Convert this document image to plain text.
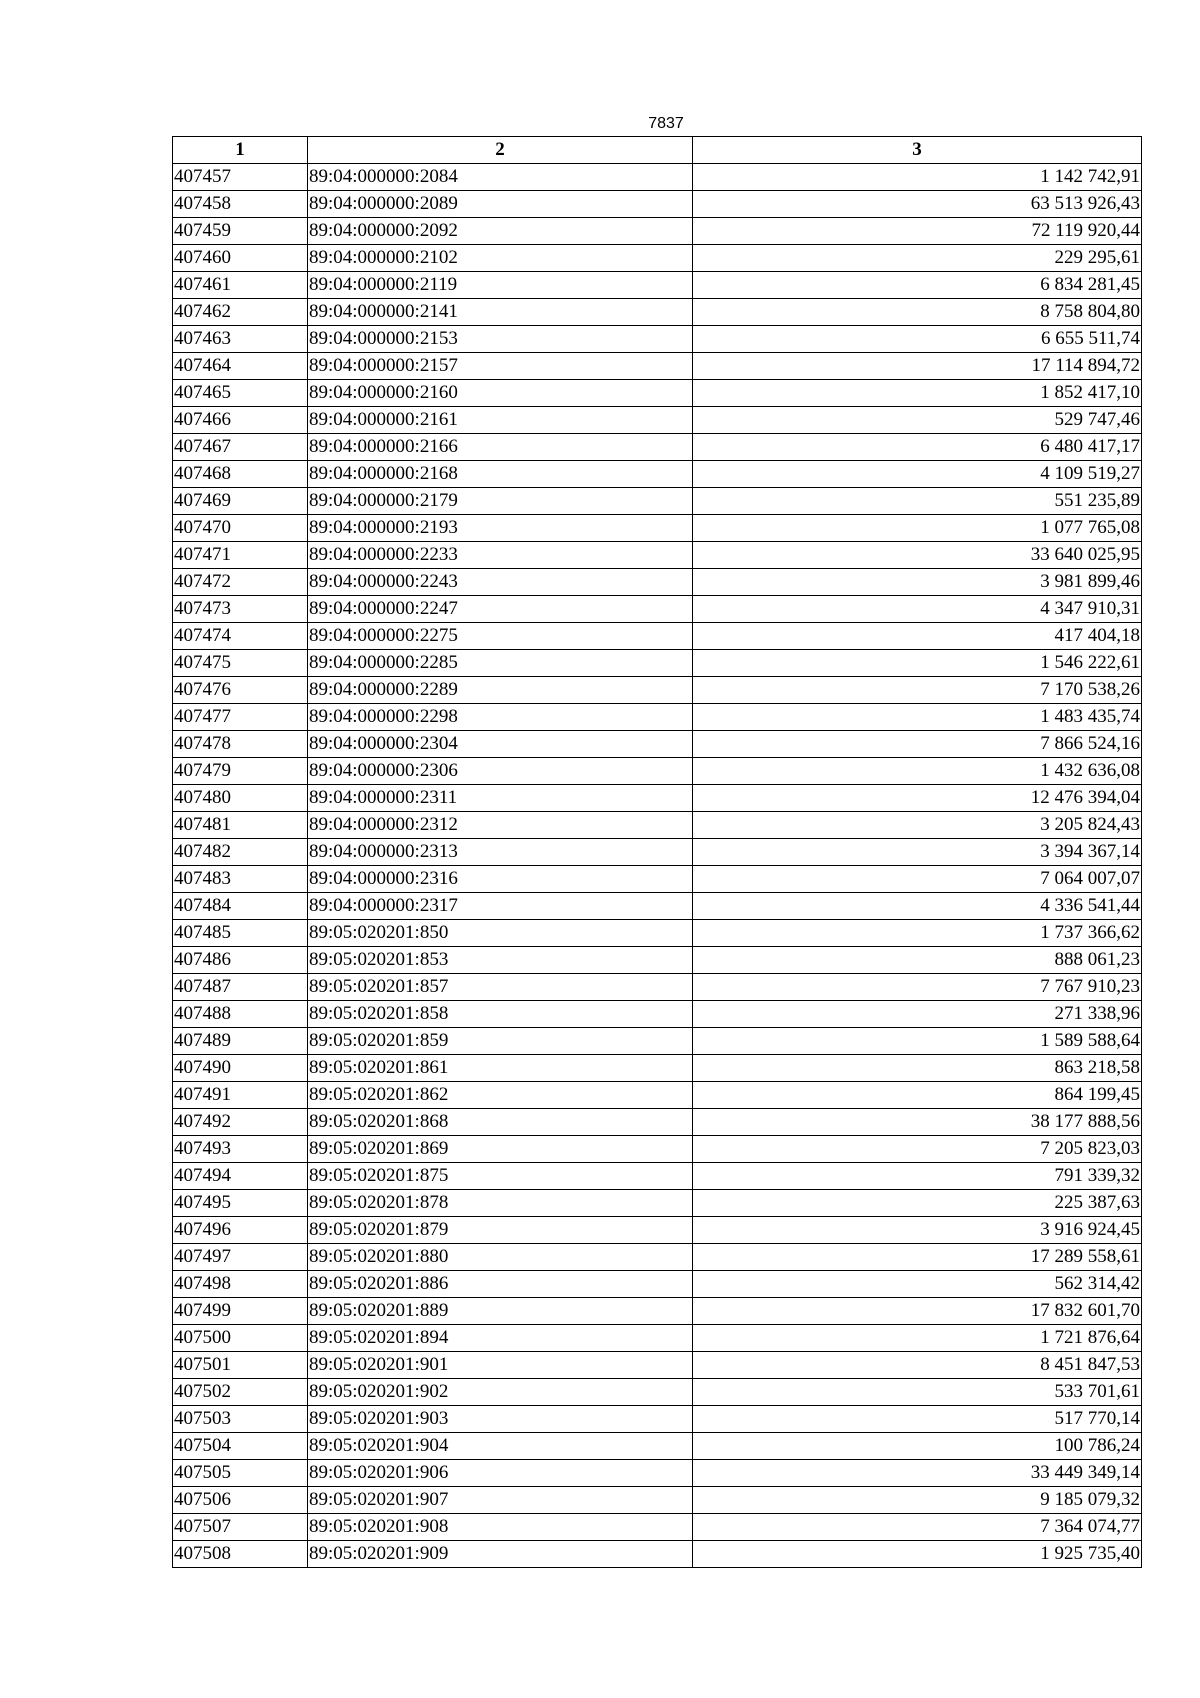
7837
1	2	3
407457	89:04:000000:2084	1 142 742,91
407458	89:04:000000:2089	63 513 926,43
407459	89:04:000000:2092	72 119 920,44
407460	89:04:000000:2102	229 295,61
407461	89:04:000000:2119	6 834 281,45
407462	89:04:000000:2141	8 758 804,80
407463	89:04:000000:2153	6 655 511,74
407464	89:04:000000:2157	17 114 894,72
407465	89:04:000000:2160	1 852 417,10
407466	89:04:000000:2161	529 747,46
407467	89:04:000000:2166	6 480 417,17
407468	89:04:000000:2168	4 109 519,27
407469	89:04:000000:2179	551 235,89
407470	89:04:000000:2193	1 077 765,08
407471	89:04:000000:2233	33 640 025,95
407472	89:04:000000:2243	3 981 899,46
407473	89:04:000000:2247	4 347 910,31
407474	89:04:000000:2275	417 404,18
407475	89:04:000000:2285	1 546 222,61
407476	89:04:000000:2289	7 170 538,26
407477	89:04:000000:2298	1 483 435,74
407478	89:04:000000:2304	7 866 524,16
407479	89:04:000000:2306	1 432 636,08
407480	89:04:000000:2311	12 476 394,04
407481	89:04:000000:2312	3 205 824,43
407482	89:04:000000:2313	3 394 367,14
407483	89:04:000000:2316	7 064 007,07
407484	89:04:000000:2317	4 336 541,44
407485	89:05:020201:850	1 737 366,62
407486	89:05:020201:853	888 061,23
407487	89:05:020201:857	7 767 910,23
407488	89:05:020201:858	271 338,96
407489	89:05:020201:859	1 589 588,64
407490	89:05:020201:861	863 218,58
407491	89:05:020201:862	864 199,45
407492	89:05:020201:868	38 177 888,56
407493	89:05:020201:869	7 205 823,03
407494	89:05:020201:875	791 339,32
407495	89:05:020201:878	225 387,63
407496	89:05:020201:879	3 916 924,45
407497	89:05:020201:880	17 289 558,61
407498	89:05:020201:886	562 314,42
407499	89:05:020201:889	17 832 601,70
407500	89:05:020201:894	1 721 876,64
407501	89:05:020201:901	8 451 847,53
407502	89:05:020201:902	533 701,61
407503	89:05:020201:903	517 770,14
407504	89:05:020201:904	100 786,24
407505	89:05:020201:906	33 449 349,14
407506	89:05:020201:907	9 185 079,32
407507	89:05:020201:908	7 364 074,77
407508	89:05:020201:909	1 925 735,40
